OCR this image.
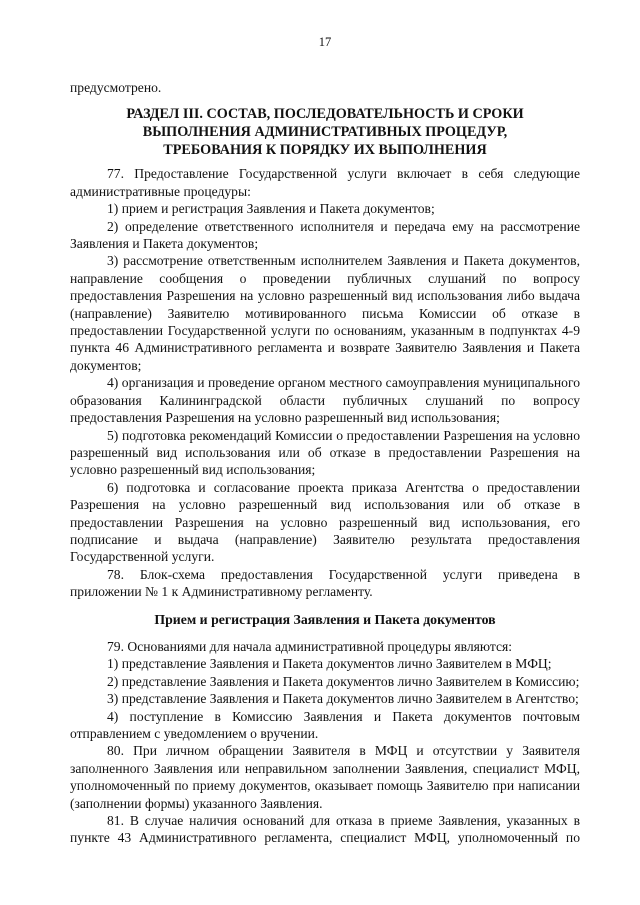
17

предусмотрено.

РАЗДЕЛ III. СОСТАВ, ПОСЛЕДОВАТЕЛЬНОСТЬ И СРОКИ
ВЫПОЛНЕНИЯ АДМИНИСТРАТИВНЫХ ПРОЦЕДУР,
ТРЕБОВАНИЯ К ПОРЯДКУ ИХ ВЫПОЛНЕНИЯ

77. Предоставление Государственной услуги включает в себя следующие административные процедуры:

1) прием и регистрация Заявления и Пакета документов;

2) определение ответственного исполнителя и передача ему на рассмотрение Заявления и Пакета документов;

3) рассмотрение ответственным исполнителем Заявления и Пакета документов, направление сообщения о проведении публичных слушаний по вопросу предоставления Разрешения на условно разрешенный вид использования либо выдача (направление) Заявителю мотивированного письма Комиссии об отказе в предоставлении Государственной услуги по основаниям, указанным в подпунктах 4-9 пункта 46 Административного регламента и возврате Заявителю Заявления и Пакета документов;

4) организация и проведение органом местного самоуправления муниципального образования Калининградской области публичных слушаний по вопросу предоставления Разрешения на условно разрешенный вид использования;

5) подготовка рекомендаций Комиссии о предоставлении Разрешения на условно разрешенный вид использования или об отказе в предоставлении Разрешения на условно разрешенный вид использования;

6) подготовка и согласование проекта приказа Агентства о предоставлении Разрешения на условно разрешенный вид использования или об отказе в предоставлении Разрешения на условно разрешенный вид использования, его подписание и выдача (направление) Заявителю результата предоставления Государственной услуги.

78. Блок-схема предоставления Государственной услуги приведена в приложении № 1 к Административному регламенту.

Прием и регистрация Заявления и Пакета документов

79. Основаниями для начала административной процедуры являются:

1) представление Заявления и Пакета документов лично Заявителем в МФЦ;

2) представление Заявления и Пакета документов лично Заявителем в Комиссию;

3) представление Заявления и Пакета документов лично Заявителем в Агентство;

4) поступление в Комиссию Заявления и Пакета документов почтовым отправлением с уведомлением о вручении.

80. При личном обращении Заявителя в МФЦ и отсутствии у Заявителя заполненного Заявления или неправильном заполнении Заявления, специалист МФЦ, уполномоченный по приему документов, оказывает помощь Заявителю при написании (заполнении формы) указанного Заявления.

81. В случае наличия оснований для отказа в приеме Заявления, указанных в пункте 43 Административного регламента, специалист МФЦ, уполномоченный по
